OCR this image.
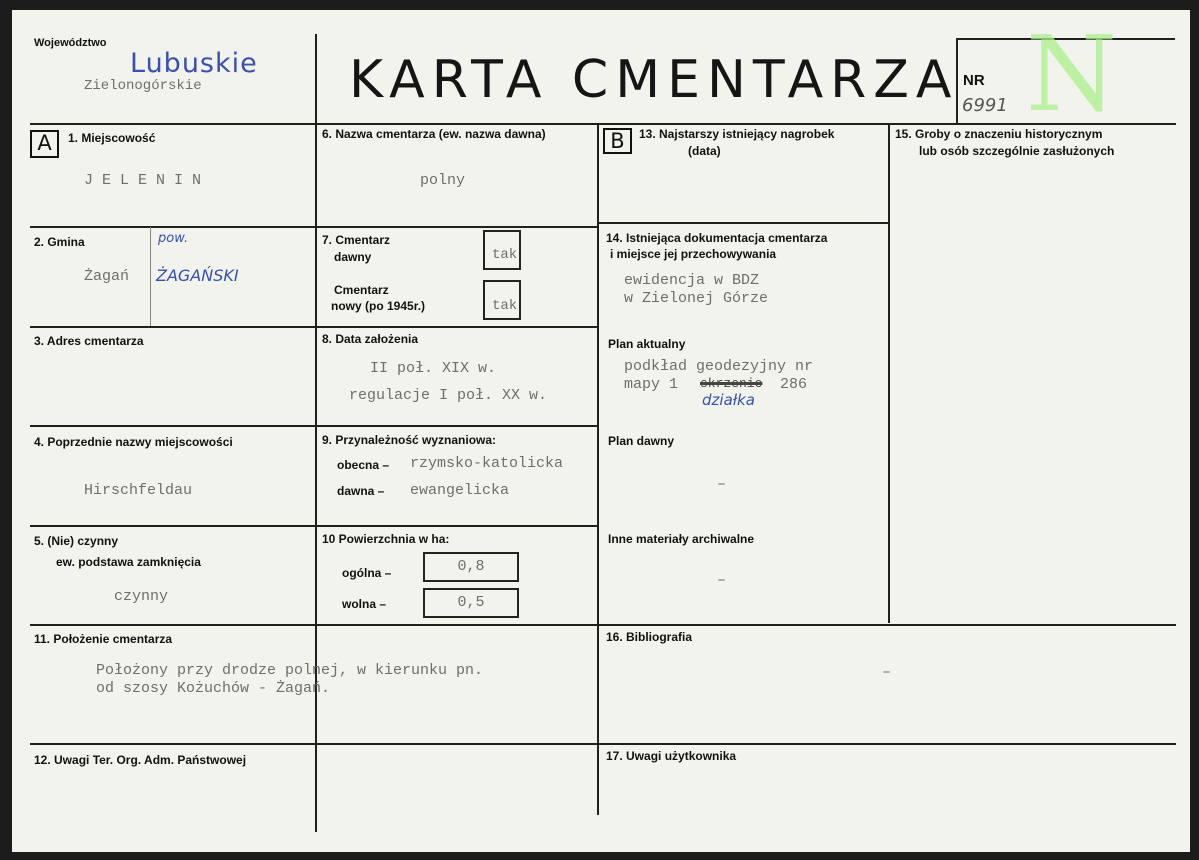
Województwo
Lubuskie
Zielonogórskie	KARTA CMENTARZA N
NR
6991
A	1. Miejscowość
J E L E N I N
2. Gmina	pow.
Żagań ŻAGAŃSKI
3. Adres cmentarza
4. Poprzednie nazwy miejscowości
Hirschfeldau
5. (Nie) czynny
ew. podstawa zamknięcia
czynny
6. Nazwa cmentarza (ew. nazwa dawna)
polny
7. Cmentarz
dawny	tak
Cmentarz
nowy (po 1945r.)	tak
8. Data założenia
II poł. XIX w.
regulacje I poł. XX w.
9. Przynależność wyznaniowa:
obecna – rzymsko-katolicka
dawna – ewangelicka
10 Powierzchnia w ha:
ogólna –	0,8
wolna –	0,5
11. Położenie cmentarza
Położony przy drodze polnej, w kierunku pn.
od szosy Kożuchów - Żagań.
12. Uwagi Ter. Org. Adm. Państwowej
B	13. Najstarszy istniejący nagrobek
(data)
14. Istniejąca dokumentacja cmentarza
i miejsce jej przechowywania
ewidencja w BDZ
w Zielonej Górze
Plan aktualny
podkład geodezyjny nr
mapy 1 skrzenie 286
działka
Plan dawny
–
Inne materiały archiwalne
–
15. Groby o znaczeniu historycznym
lub osób szczególnie zasłużonych
16. Bibliografia
–
17. Uwagi użytkownika
